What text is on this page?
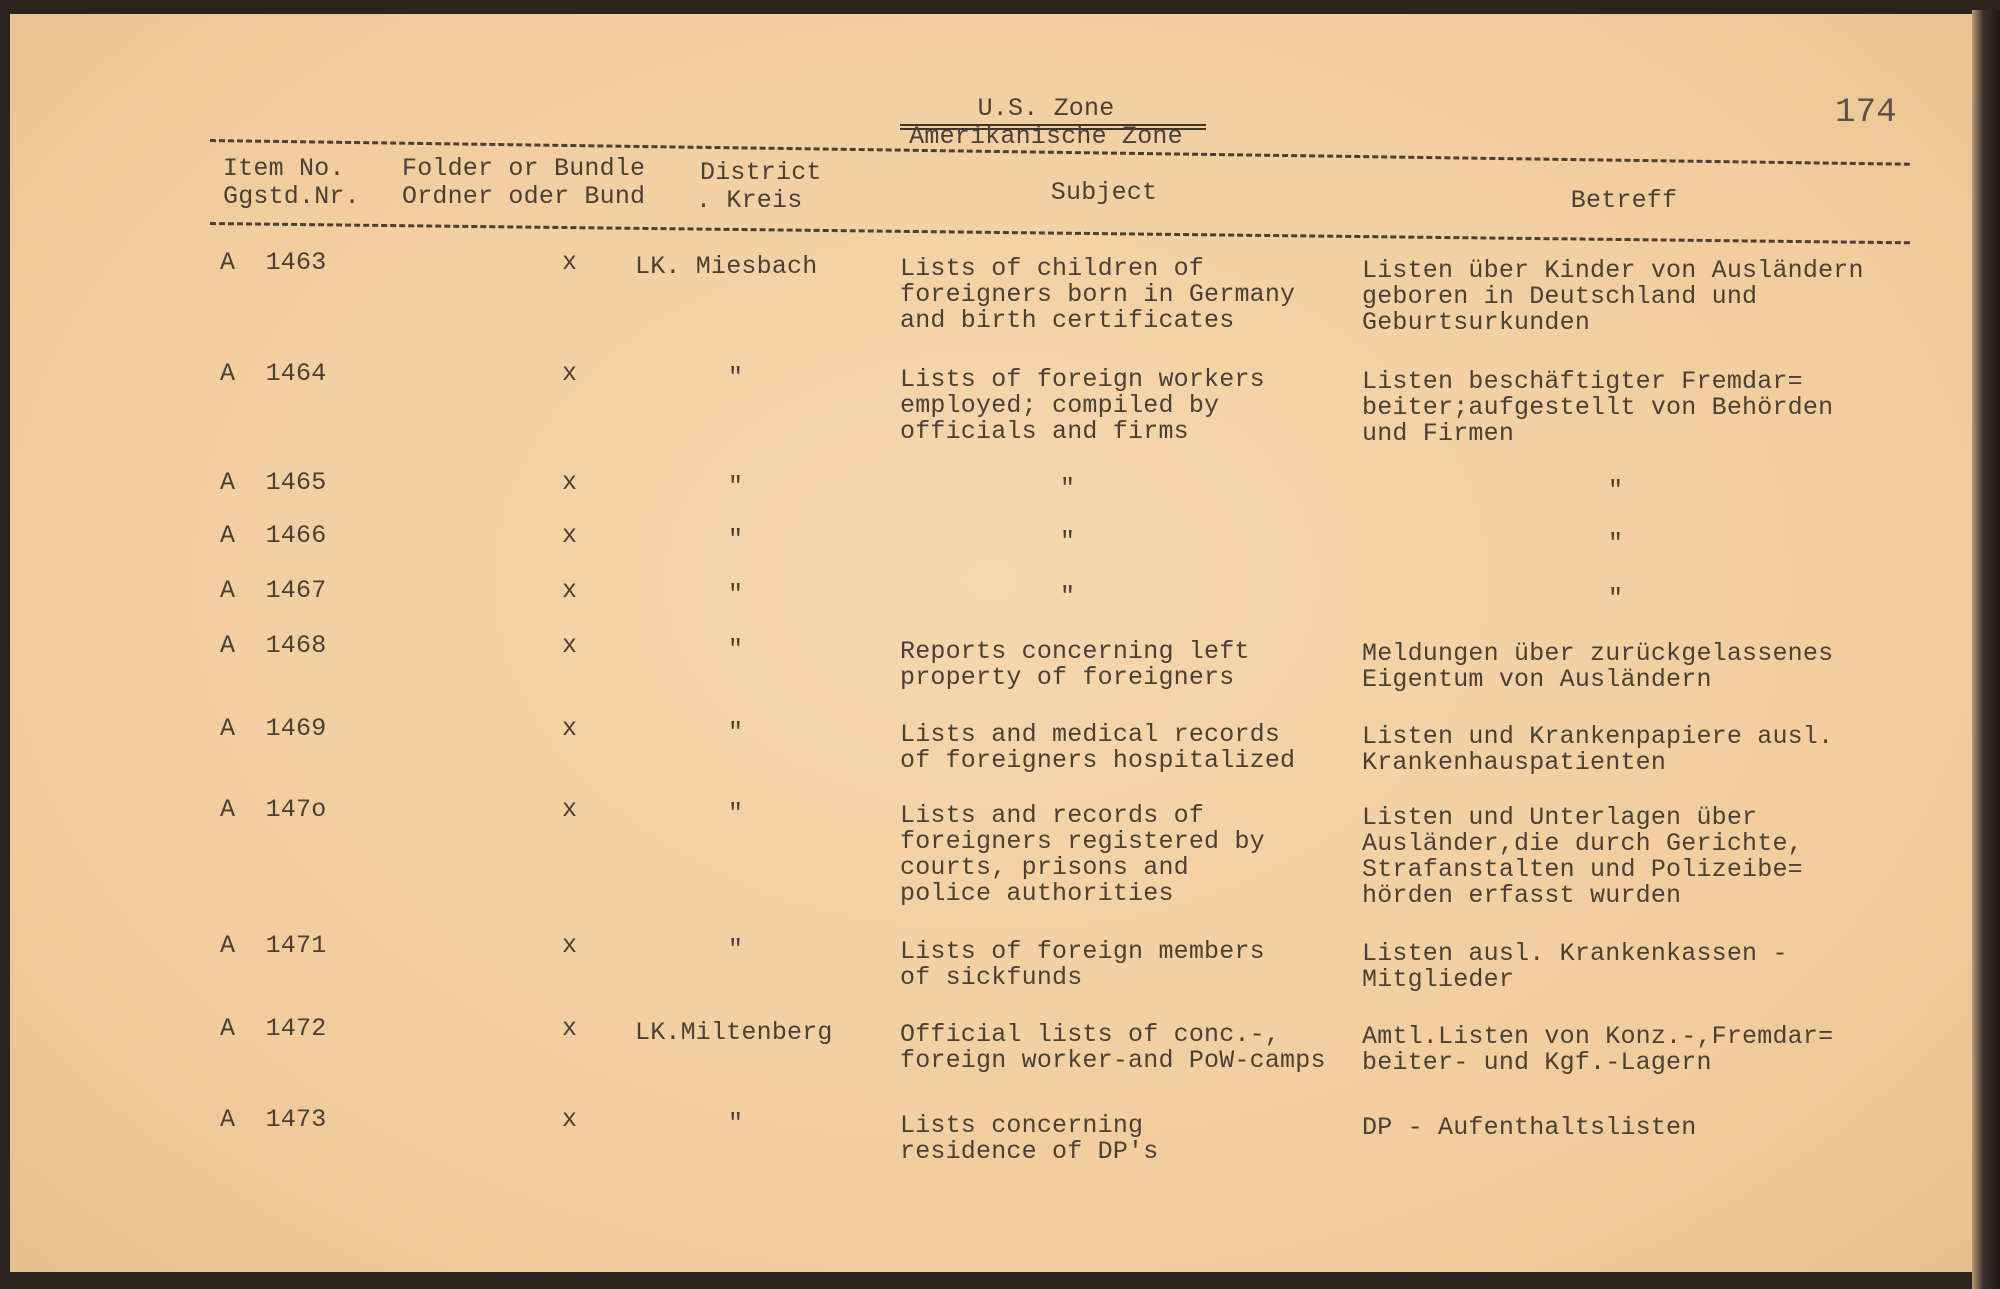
U.S. Zone
Amerikanische Zone
174
Item No.
Ggstd.Nr.
Folder or Bundle
Ordner oder Bund
District
. Kreis	Subject	Betreff
A  1463	x LK. Miesbach	Lists of children of
foreigners born in Germany
and birth certificates
Listen über Kinder von Ausländern
geboren in Deutschland und
Geburtsurkunden
A  1464	x	"	Lists of foreign workers
employed; compiled by
officials and firms
Listen beschäftigter Fremdar=
beiter;aufgestellt von Behörden
und Firmen
A  1465	x	"	"	"
A  1466	x	"	"	"
A  1467	x	"	"	"
A  1468	x	"	Reports concerning left
property of foreigners
Meldungen über zurückgelassenes
Eigentum von Ausländern
A  1469	x	"	Lists and medical records
of foreigners hospitalized
Listen und Krankenpapiere ausl.
Krankenhauspatienten
A  147o	x	"	Lists and records of
foreigners registered by
courts, prisons and
police authorities
Listen und Unterlagen über
Ausländer,die durch Gerichte,
Strafanstalten und Polizeibe=
hörden erfasst wurden
A  1471	x	"	Lists of foreign members
of sickfunds
Listen ausl. Krankenkassen -
Mitglieder
A  1472	x LK.Miltenberg	Official lists of conc.-,
foreign worker-and PoW-camps
Amtl.Listen von Konz.-,Fremdar=
beiter- und Kgf.-Lagern
A  1473	x	"	Lists concerning
residence of DP's
DP - Aufenthaltslisten
